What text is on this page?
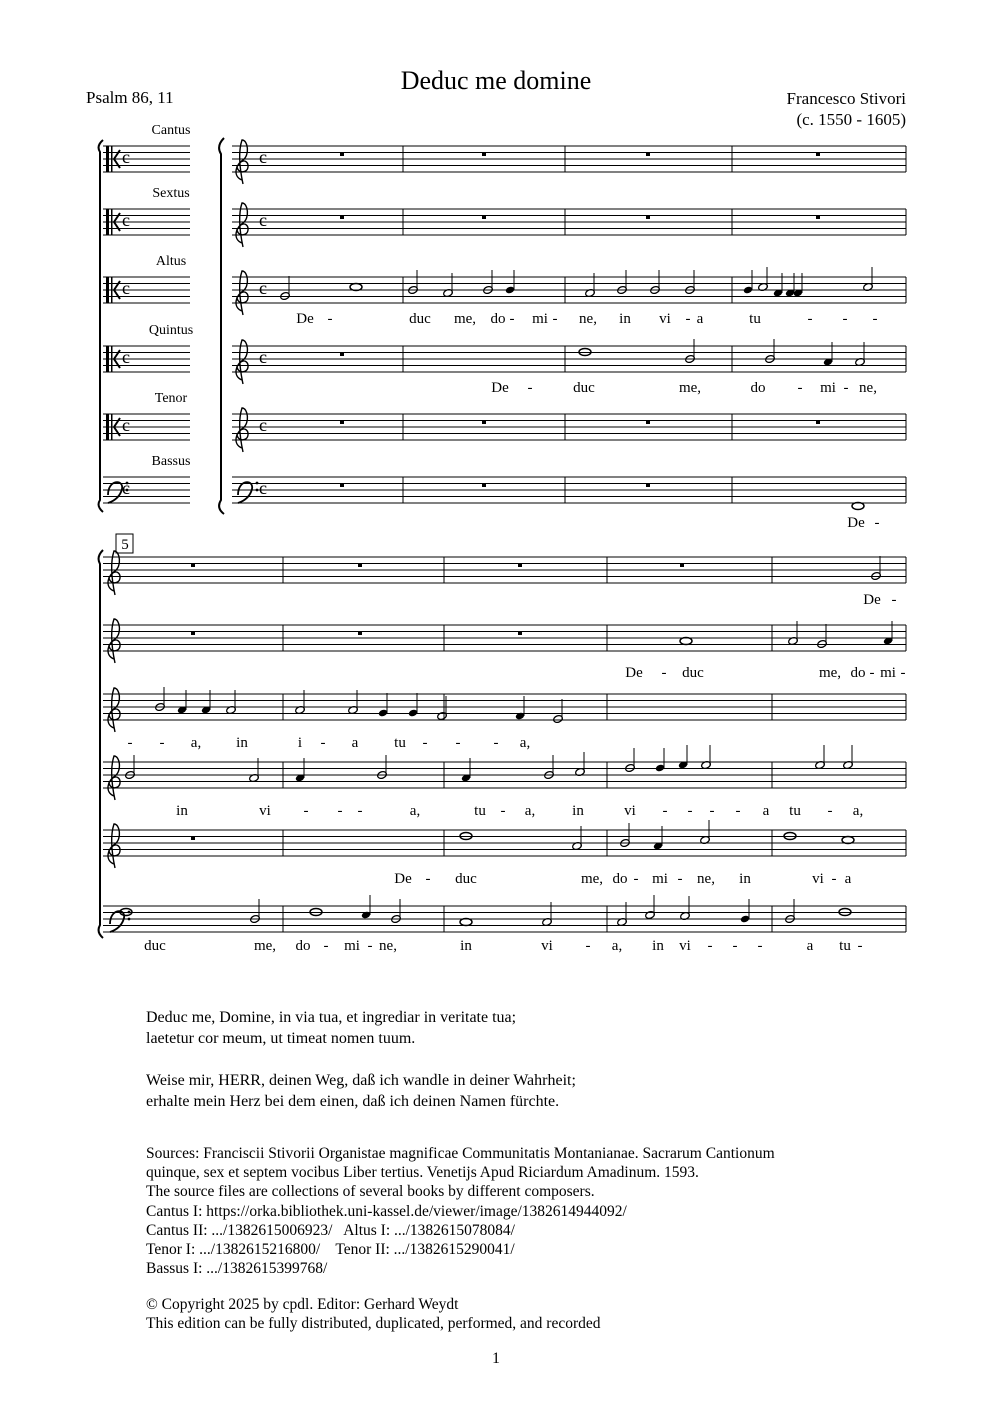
Deduc me domine
Psalm 86, 11	Francesco Stivori
(c. 1550 - 1605)
Cantus
Sextus
Altus
Quintus
Tenor
Bassus
c	c
c	c
c	c
c	c
c	c
c	c
De -	duc me, do - mi - ne, in vi - a	tu	- - -
De -	duc	me,	do - mi - ne,
De -
5
De -
De - duc	me, do - mi -
- - a, in	i - a tu - - - a,
in	vi - - -	a,	tu - a, in	vi - - - - a tu - a,
De - duc	me, do - mi - ne, in	vi - a
duc	me, do - mi - ne,	in	vi - a, in vi - - -	a tu -

Deduc me, Domine, in via tua, et ingrediar in veritate tua;
laetetur cor meum, ut timeat nomen tuum.

Weise mir, HERR, deinen Weg, daß ich wandle in deiner Wahrheit;
erhalte mein Herz bei dem einen, daß ich deinen Namen fürchte.

Sources: Franciscii Stivorii Organistae magnificae Communitatis Montanianae. Sacrarum Cantionum
quinque, sex et septem vocibus Liber tertius. Venetijs Apud Riciardum Amadinum. 1593.
The source files are collections of several books by different composers.
Cantus I: https://orka.bibliothek.uni-kassel.de/viewer/image/1382614944092/
Cantus II: .../1382615006923/   Altus I: .../1382615078084/
Tenor I: .../1382615216800/    Tenor II: .../1382615290041/
Bassus I: .../1382615399768/
© Copyright 2025 by cpdl. Editor: Gerhard Weydt
This edition can be fully distributed, duplicated, performed, and recorded
1
